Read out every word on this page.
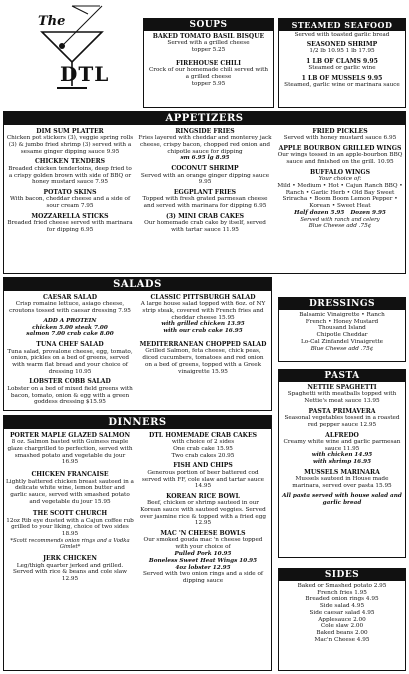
The
DTL
SOUPS
BAKED TOMATO BASIL BISQUE
Served with a grilled cheese
topper 5.25
FIREHOUSE CHILI
Crock of our homemade chili served with a grilled cheese
topper 5.95
STEAMED SEAFOOD
Served with toasted garlic bread
SEASONED SHRIMP
1/2 lb 10.95 1 lb 17.95
1 LB OF CLAMS 9.95
Steamed or garlic wine
1 LB OF MUSSELS 9.95
Steamed, garlic wine or marinara sauce
APPETIZERS
DIM SUM PLATTER
Chicken pot stickers (3), veggie spring rolls (3) & jumbo fried shrimp (3) served with a sesame ginger dipping sauce 9.95
CHICKEN TENDERS
Breaded chicken tenderloins, deep fried to a crispy golden brown with side of BBQ or honey mustard sauce 7.95
POTATO SKINS
With bacon, cheddar cheese and a side of sour cream 7.95
MOZZARELLA STICKS
Breaded fried cheese served with marinara for dipping 6.95
RINGSIDE FRIES
Fries layered with cheddar and monterey jack cheese, crispy bacon, chopped red onion and chipotle sauce for dipping
sm 6.95 lg 8.95
COCONUT SHRIMP
Served with an orange ginger dipping sauce 9.95
EGGPLANT FRIES
Topped with fresh grated parmesan cheese and served with marinara for dipping 6.95
(3) MINI CRAB CAKES
Our homemade crab cake by itself, served with tartar sauce 11.95
FRIED PICKLES
Served with honey mustard sauce 6.95
APPLE BOURBON GRILLED WINGS
Our wings tossed in an apple-bourbon BBQ sauce and finished on the grill. 10.95
BUFFALO WINGS
Your choice of:
Mild • Medium • Hot • Cajun Ranch BBQ • Ranch • Garlic Herb • Old Bay Sweet Sriracha • Boom Boom Lemon Pepper • Korean • Sweet Heat
Half dozen 5.95 Dozen 9.95
Served with ranch and celery
Blue Cheese add .75¢
SALADS
CAESAR SALAD
Crisp romaine lettuce, asiago cheese, croutons tossed with caesar dressing 7.95
ADD A PROTEIN
chicken 5.00 steak 7.00
salmon 7.00 crab cake 8.00
TUNA CHEF SALAD
Tuna salad, provalone cheese, egg, tomato, onion, pickles on a bed of greens, served with warm flat bread and your choice of dressing 10.95
LOBSTER COBB SALAD
Lobster on a bed of mixed field greens with bacon, tomato, onion & egg with a green goddess dressing $15.95
CLASSIC PITTSBURGH SALAD
A large house salad topped with 6oz. of NY strip steak, covered with French fries and cheddar cheese 15.95
with grilled chicken 13.95
with our crab cake 16.95
MEDITERRANEAN CHOPPED SALAD
Grilled Salmon, feta cheese, chick peas, diced cucumbers, tomatoes and red onion on a bed of greens, topped with a Greek vinaigrette 15.95
DRESSINGS
Balsamic Vinaigrette • Ranch
French • Honey Mustard
Thousand Island
Chipotle Cheddar
Lo-Cal Zinfandel Vinaigrette
Blue Cheese add .75¢
PASTA
NETTIE SPAGHETTI
Spaghetti with meatballs topped with Nettie's meat sauce 13.95
PASTA PRIMAVERA
Seasonal vegetables tossed in a roasted red pepper sauce 12.95
ALFREDO
Creamy white wine and garlic parmesan sauce 11.95
with chicken 14.95
with shrimp 16.95
MUSSELS MARINARA
Mussels sauteed in House made marinara, served over pasta 15.95
All pasta served with house salad and garlic bread
DINNERS
PORTER MAPLE GLAZED SALMON
8 oz. Salmon basted with Guiness maple glaze chargrilled to perfection, served with smashed potato and vegetable du jour 16.95
CHICKEN FRANCAISE
Lightly battered chicken breast sauteed in a delicate white wine, lemon butter and garlic sauce, served with smashed potato and vegetable du jour 15.95
THE SCOTT CHURCH
12oz Rib eye dusted with a Cajun coffee rub grilled to your liking, choice of two sides 18.95
*Scott recommends onion rings and a Vodka Gimlet*
JERK CHICKEN
Leg/thigh quarter jerked and grilled. Served with rice & beans and cole slaw 12.95
DTL HOMEMADE CRAB CAKES
with choice of 2 sides
One crab cake 15.95
Two crab cakes 20.95
FISH AND CHIPS
Generous portion of beer battered cod served with FF, cole slaw and tartar sauce 14.95
KOREAN RICE BOWL
Beef, chicken or shrimp sauteed in our Korean sauce with sauteed veggies. Served over jasmine rice & topped with a fried egg 12.95
MAC 'N CHEESE BOWLS
Our smoked gouda mac 'n cheese topped with your choice of
Pulled Pork 10.95
Boneless Sweet Heat Wings 10.95
4oz lobster 12.95
Served with two onion rings and a side of dipping sauce
SIDES
Baked or Smashed potato 2.95
French fries 1.95
Breaded onion rings 4.95
Side salad 4.95
Side caesar salad 4.95
Applesauce 2.00
Cole slaw 2.00
Baked beans 2.00
Mac'n Cheese 4.95
